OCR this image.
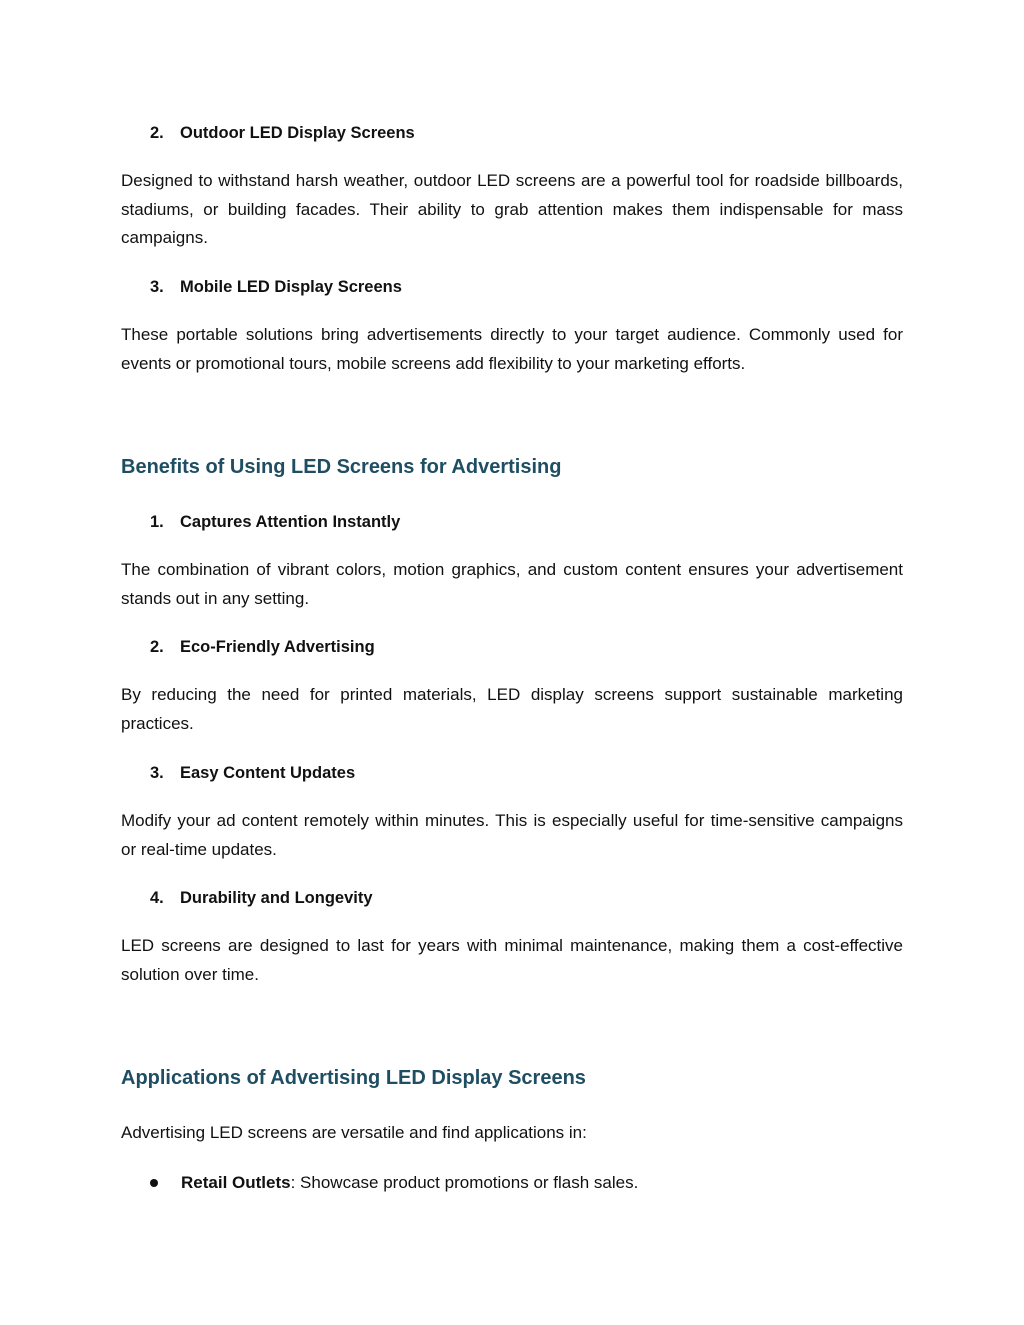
2. Outdoor LED Display Screens
Designed to withstand harsh weather, outdoor LED screens are a powerful tool for roadside billboards, stadiums, or building facades. Their ability to grab attention makes them indispensable for mass campaigns.
3. Mobile LED Display Screens
These portable solutions bring advertisements directly to your target audience. Commonly used for events or promotional tours, mobile screens add flexibility to your marketing efforts.
Benefits of Using LED Screens for Advertising
1. Captures Attention Instantly
The combination of vibrant colors, motion graphics, and custom content ensures your advertisement stands out in any setting.
2. Eco-Friendly Advertising
By reducing the need for printed materials, LED display screens support sustainable marketing practices.
3. Easy Content Updates
Modify your ad content remotely within minutes. This is especially useful for time-sensitive campaigns or real-time updates.
4. Durability and Longevity
LED screens are designed to last for years with minimal maintenance, making them a cost-effective solution over time.
Applications of Advertising LED Display Screens
Advertising LED screens are versatile and find applications in:
Retail Outlets: Showcase product promotions or flash sales.
